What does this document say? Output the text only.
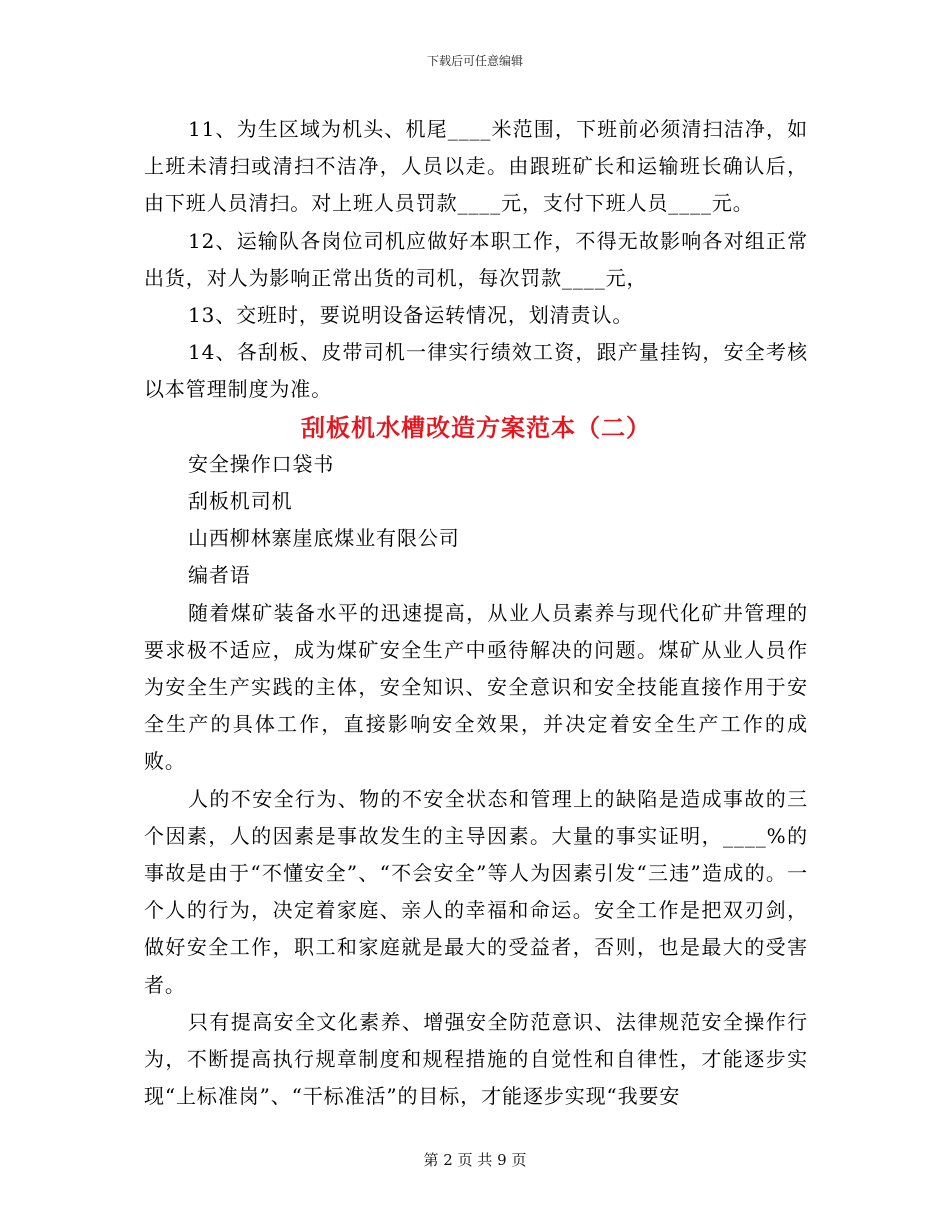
下载后可任意编辑

11、为生区域为机头、机尾____米范围，下班前必须清扫洁净，如上班未清扫或清扫不洁净，人员以走。由跟班矿长和运输班长确认后，由下班人员清扫。对上班人员罚款____元，支付下班人员____元。

12、运输队各岗位司机应做好本职工作，不得无故影响各对组正常出货，对人为影响正常出货的司机，每次罚款____元，

13、交班时，要说明设备运转情况，划清责认。

14、各刮板、皮带司机一律实行绩效工资，跟产量挂钩，安全考核以本管理制度为准。

刮板机水槽改造方案范本（二）

安全操作口袋书

刮板机司机

山西柳林寨崖底煤业有限公司

编者语

随着煤矿装备水平的迅速提高，从业人员素养与现代化矿井管理的要求极不适应，成为煤矿安全生产中亟待解决的问题。煤矿从业人员作为安全生产实践的主体，安全知识、安全意识和安全技能直接作用于安全生产的具体工作，直接影响安全效果，并决定着安全生产工作的成败。

人的不安全行为、物的不安全状态和管理上的缺陷是造成事故的三个因素，人的因素是事故发生的主导因素。大量的事实证明，____%的事故是由于“不懂安全”、“不会安全”等人为因素引发“三违”造成的。一个人的行为，决定着家庭、亲人的幸福和命运。安全工作是把双刃剑，做好安全工作，职工和家庭就是最大的受益者，否则，也是最大的受害者。

只有提高安全文化素养、增强安全防范意识、法律规范安全操作行为，不断提高执行规章制度和规程措施的自觉性和自律性，才能逐步实现“上标准岗”、“干标准活”的目标，才能逐步实现“我要安

第 2 页 共 9 页
